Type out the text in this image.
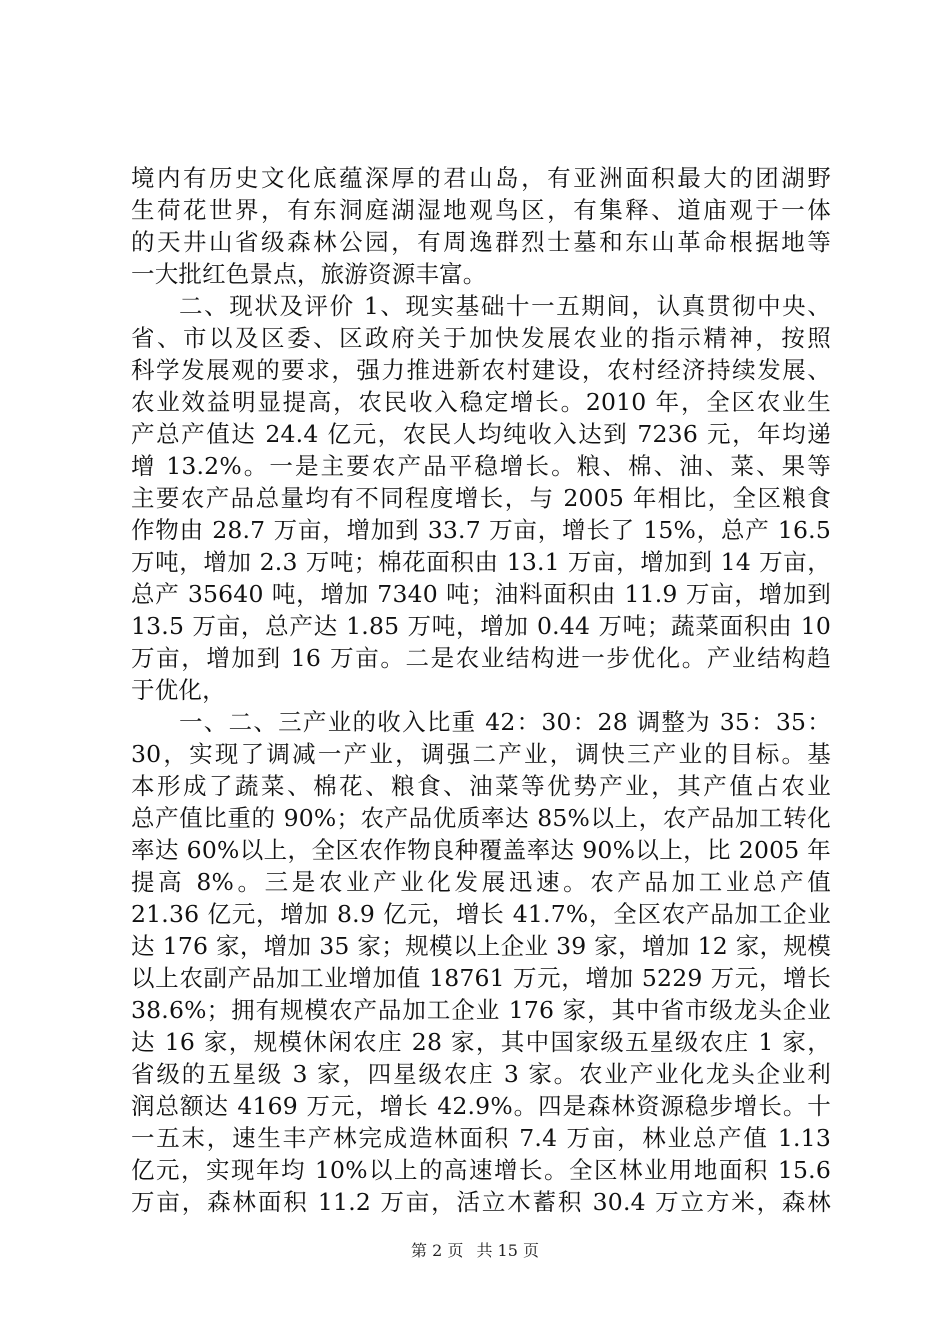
境内有历史文化底蕴深厚的君山岛，有亚洲面积最大的团湖野
生荷花世界，有东洞庭湖湿地观鸟区，有集释、道庙观于一体
的天井山省级森林公园，有周逸群烈士墓和东山革命根据地等
一大批红色景点，旅游资源丰富。
二、现状及评价 1、现实基础十一五期间，认真贯彻中央、
省、市以及区委、区政府关于加快发展农业的指示精神，按照
科学发展观的要求，强力推进新农村建设，农村经济持续发展、
农业效益明显提高，农民收入稳定增长。2010 年，全区农业生
产总产值达 24.4 亿元，农民人均纯收入达到 7236 元，年均递
增 13.2%。一是主要农产品平稳增长。粮、棉、油、菜、果等
主要农产品总量均有不同程度增长，与 2005 年相比，全区粮食
作物由 28.7 万亩，增加到 33.7 万亩，增长了 15%，总产 16.5
万吨，增加 2.3 万吨；棉花面积由 13.1 万亩，增加到 14 万亩，
总产 35640 吨，增加 7340 吨；油料面积由 11.9 万亩，增加到
13.5 万亩，总产达 1.85 万吨，增加 0.44 万吨；蔬菜面积由 10
万亩，增加到 16 万亩。二是农业结构进一步优化。产业结构趋
于优化，
一、二、三产业的收入比重 42：30：28 调整为 35：35：
30，实现了调减一产业，调强二产业，调快三产业的目标。基
本形成了蔬菜、棉花、粮食、油菜等优势产业，其产值占农业
总产值比重的 90%；农产品优质率达 85%以上，农产品加工转化
率达 60%以上，全区农作物良种覆盖率达 90%以上，比 2005 年
提高 8%。三是农业产业化发展迅速。农产品加工业总产值
21.36 亿元，增加 8.9 亿元，增长 41.7%，全区农产品加工企业
达 176 家，增加 35 家；规模以上企业 39 家，增加 12 家，规模
以上农副产品加工业增加值 18761 万元，增加 5229 万元，增长
38.6%；拥有规模农产品加工企业 176 家，其中省市级龙头企业
达 16 家，规模休闲农庄 28 家，其中国家级五星级农庄 1 家，
省级的五星级 3 家，四星级农庄 3 家。农业产业化龙头企业利
润总额达 4169 万元，增长 42.9%。四是森林资源稳步增长。十
一五末，速生丰产林完成造林面积 7.4 万亩，林业总产值 1.13
亿元，实现年均 10%以上的高速增长。全区林业用地面积 15.6
万亩，森林面积 11.2 万亩，活立木蓄积 30.4 万立方米，森林
第 2 页 共 15 页
